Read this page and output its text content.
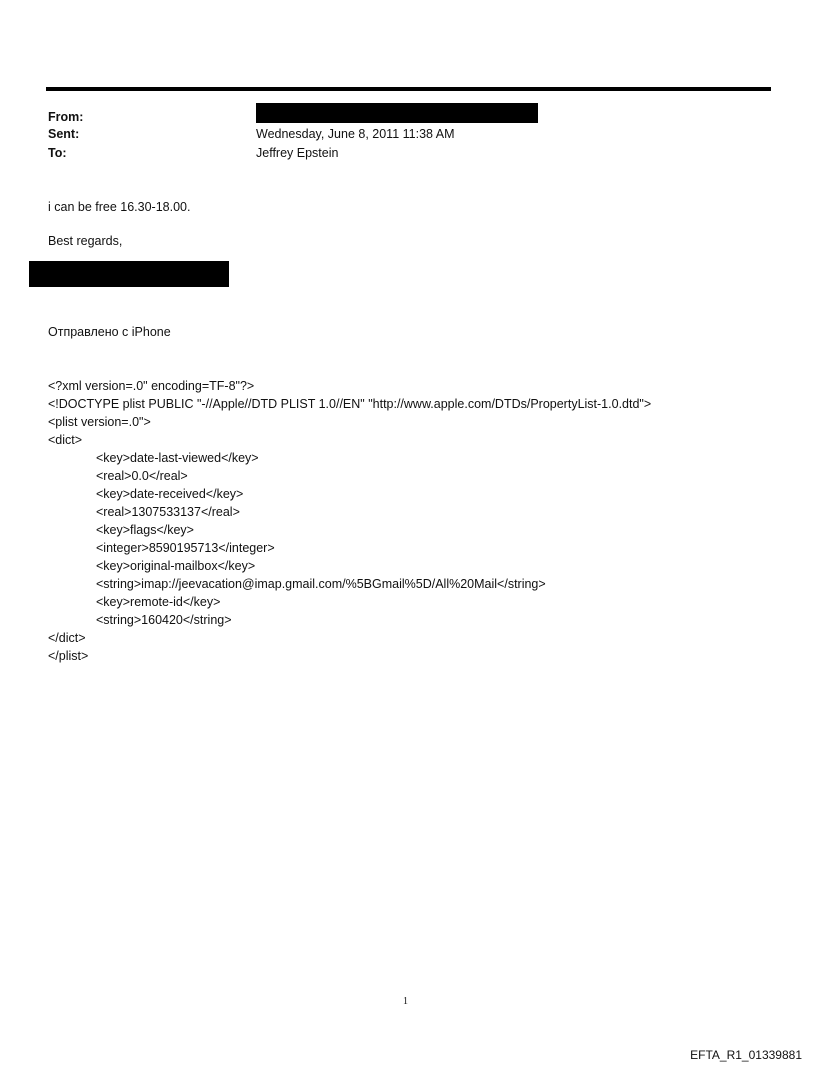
From:
Sent:	Wednesday, June 8, 2011 11:38 AM
To:	Jeffrey Epstein
i can be free 16.30-18.00.
Best regards,
Отправлено с iPhone
<?xml version=.0" encoding=TF-8"?>
<!DOCTYPE plist PUBLIC "-//Apple//DTD PLIST 1.0//EN" "http://www.apple.com/DTDs/PropertyList-1.0.dtd">
<plist version=.0">
<dict>
<key>date-last-viewed</key>
<real>0.0</real>
<key>date-received</key>
<real>1307533137</real>
<key>flags</key>
<integer>8590195713</integer>
<key>original-mailbox</key>
<string>imap://jeevacation@imap.gmail.com/%5BGmail%5D/All%20Mail</string>
<key>remote-id</key>
<string>160420</string>
</dict>
</plist>
1
EFTA_R1_01339881
